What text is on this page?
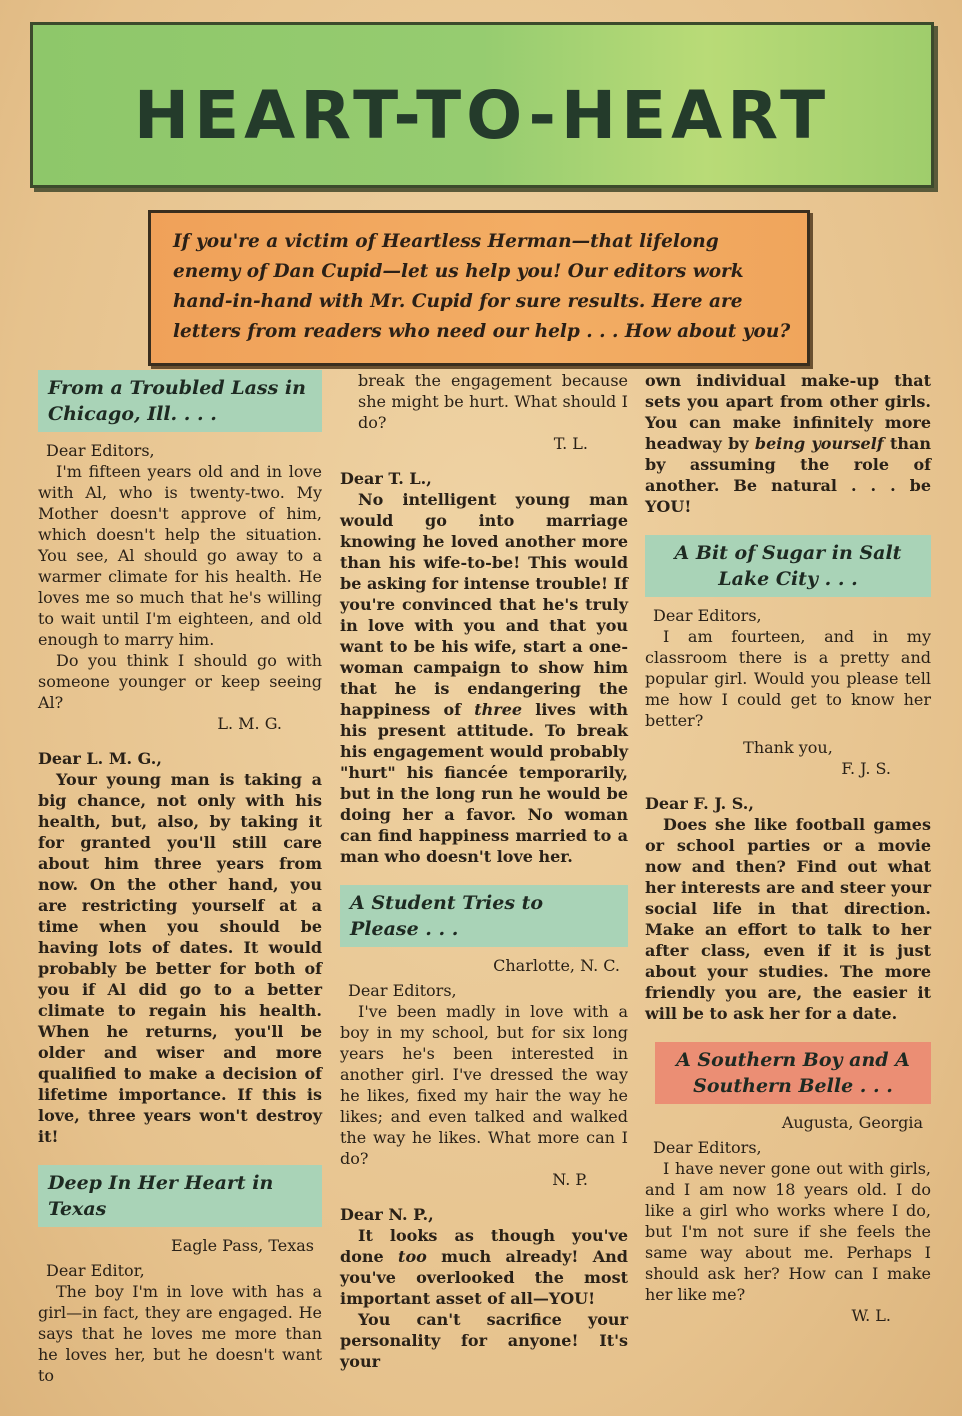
HEART-TO-HEART
If you're a victim of Heartless Herman—that lifelong enemy of Dan Cupid—let us help you! Our editors work hand-in-hand with Mr. Cupid for sure results. Here are letters from readers who need our help . . . How about you?
From a Troubled Lass in Chicago, Ill. . . .

Dear Editors,

I'm fifteen years old and in love with Al, who is twenty-two. My Mother doesn't approve of him, which doesn't help the situation. You see, Al should go away to a warmer climate for his health. He loves me so much that he's willing to wait until I'm eighteen, and old enough to marry him.

Do you think I should go with someone younger or keep seeing Al?

L. M. G.

Dear L. M. G.,

Your young man is taking a big chance, not only with his health, but, also, by taking it for granted you'll still care about him three years from now. On the other hand, you are restricting yourself at a time when you should be having lots of dates. It would probably be better for both of you if Al did go to a better climate to regain his health. When he returns, you'll be older and wiser and more qualified to make a decision of lifetime importance. If this is love, three years won't destroy it!

Deep In Her Heart in Texas

Eagle Pass, Texas

Dear Editor,

The boy I'm in love with has a girl—in fact, they are engaged. He says that he loves me more than he loves her, but he doesn't want to

break the engagement because she might be hurt. What should I do?

T. L.

Dear T. L.,

No intelligent young man would go into marriage knowing he loved another more than his wife-to-be! This would be asking for intense trouble! If you're convinced that he's truly in love with you and that you want to be his wife, start a one-woman campaign to show him that he is endangering the happiness of three lives with his present attitude. To break his engagement would probably "hurt" his fiancée temporarily, but in the long run he would be doing her a favor. No woman can find happiness married to a man who doesn't love her.

A Student Tries to Please . . .

Charlotte, N. C.

Dear Editors,

I've been madly in love with a boy in my school, but for six long years he's been interested in another girl. I've dressed the way he likes, fixed my hair the way he likes; and even talked and walked the way he likes. What more can I do?

N. P.

Dear N. P.,

It looks as though you've done too much already! And you've overlooked the most important asset of all—YOU!

You can't sacrifice your personality for anyone! It's your

own individual make-up that sets you apart from other girls. You can make infinitely more headway by being yourself than by assuming the role of another. Be natural . . . be YOU!

A Bit of Sugar in Salt Lake City . . .

Dear Editors,

I am fourteen, and in my classroom there is a pretty and popular girl. Would you please tell me how I could get to know her better?

Thank you,

F. J. S.

Dear F. J. S.,

Does she like football games or school parties or a movie now and then? Find out what her interests are and steer your social life in that direction. Make an effort to talk to her after class, even if it is just about your studies. The more friendly you are, the easier it will be to ask her for a date.

A Southern Boy and A Southern Belle . . .

Augusta, Georgia

Dear Editors,

I have never gone out with girls, and I am now 18 years old. I do like a girl who works where I do, but I'm not sure if she feels the same way about me. Perhaps I should ask her? How can I make her like me?

W. L.
